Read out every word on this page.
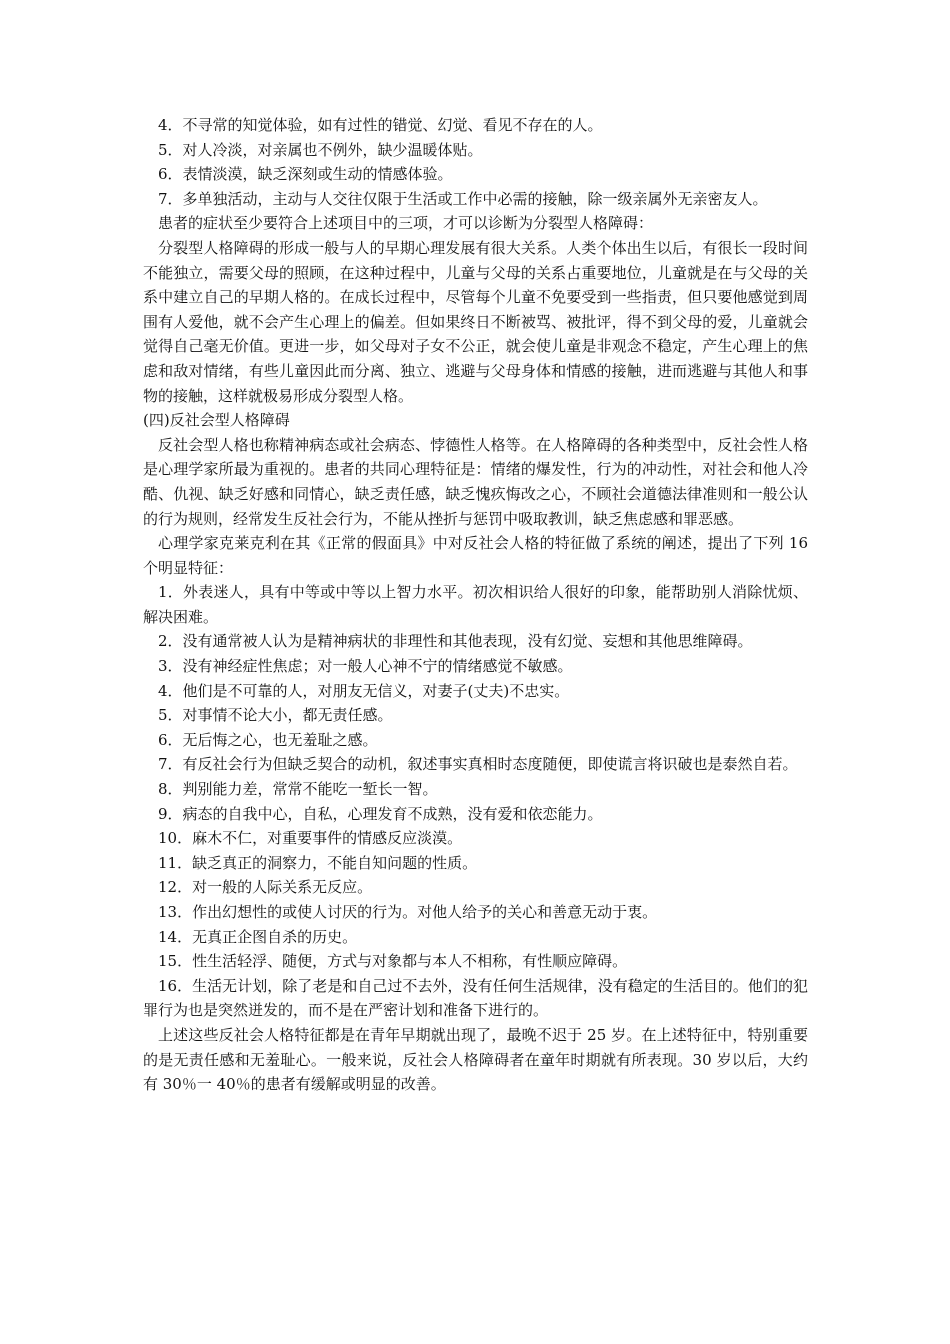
4．不寻常的知觉体验，如有过性的错觉、幻觉、看见不存在的人。

5．对人冷淡，对亲属也不例外，缺少温暖体贴。

6．表情淡漠，缺乏深刻或生动的情感体验。

7．多单独活动，主动与人交往仅限于生活或工作中必需的接触，除一级亲属外无亲密友人。

患者的症状至少要符合上述项目中的三项，才可以诊断为分裂型人格障碍：

分裂型人格障碍的形成一般与人的早期心理发展有很大关系。人类个体出生以后，有很长一段时间不能独立，需要父母的照顾，在这种过程中，儿童与父母的关系占重要地位，儿童就是在与父母的关系中建立自己的早期人格的。在成长过程中，尽管每个儿童不免要受到一些指责，但只要他感觉到周围有人爱他，就不会产生心理上的偏差。但如果终日不断被骂、被批评，得不到父母的爱，儿童就会觉得自己毫无价值。更进一步，如父母对子女不公正，就会使儿童是非观念不稳定，产生心理上的焦虑和敌对情绪，有些儿童因此而分离、独立、逃避与父母身体和情感的接触，进而逃避与其他人和事物的接触，这样就极易形成分裂型人格。

(四)反社会型人格障碍

反社会型人格也称精神病态或社会病态、悖德性人格等。在人格障碍的各种类型中，反社会性人格是心理学家所最为重视的。患者的共同心理特征是：情绪的爆发性，行为的冲动性，对社会和他人冷酷、仇视、缺乏好感和同情心，缺乏责任感，缺乏愧疚悔改之心，不顾社会道德法律准则和一般公认的行为规则，经常发生反社会行为，不能从挫折与惩罚中吸取教训，缺乏焦虑感和罪恶感。

心理学家克莱克利在其《正常的假面具》中对反社会人格的特征做了系统的阐述，提出了下列 16 个明显特征：

1．外表迷人，具有中等或中等以上智力水平。初次相识给人很好的印象，能帮助别人消除忧烦、解决困难。

2．没有通常被人认为是精神病状的非理性和其他表现，没有幻觉、妄想和其他思维障碍。

3．没有神经症性焦虑；对一般人心神不宁的情绪感觉不敏感。

4．他们是不可靠的人，对朋友无信义，对妻子(丈夫)不忠实。

5．对事情不论大小，都无责任感。

6．无后悔之心，也无羞耻之感。

7．有反社会行为但缺乏契合的动机，叙述事实真相时态度随便，即使谎言将识破也是泰然自若。

8．判别能力差，常常不能吃一堑长一智。

9．病态的自我中心，自私，心理发育不成熟，没有爱和依恋能力。

10．麻木不仁，对重要事件的情感反应淡漠。

11．缺乏真正的洞察力，不能自知问题的性质。

12．对一般的人际关系无反应。

13．作出幻想性的或使人讨厌的行为。对他人给予的关心和善意无动于衷。

14．无真正企图自杀的历史。

15．性生活轻浮、随便，方式与对象都与本人不相称，有性顺应障碍。

16．生活无计划，除了老是和自己过不去外，没有任何生活规律，没有稳定的生活目的。他们的犯罪行为也是突然迸发的，而不是在严密计划和准备下进行的。

上述这些反社会人格特征都是在青年早期就出现了，最晚不迟于 25 岁。在上述特征中，特别重要的是无责任感和无羞耻心。一般来说，反社会人格障碍者在童年时期就有所表现。30 岁以后，大约有 30％一 40％的患者有缓解或明显的改善。
